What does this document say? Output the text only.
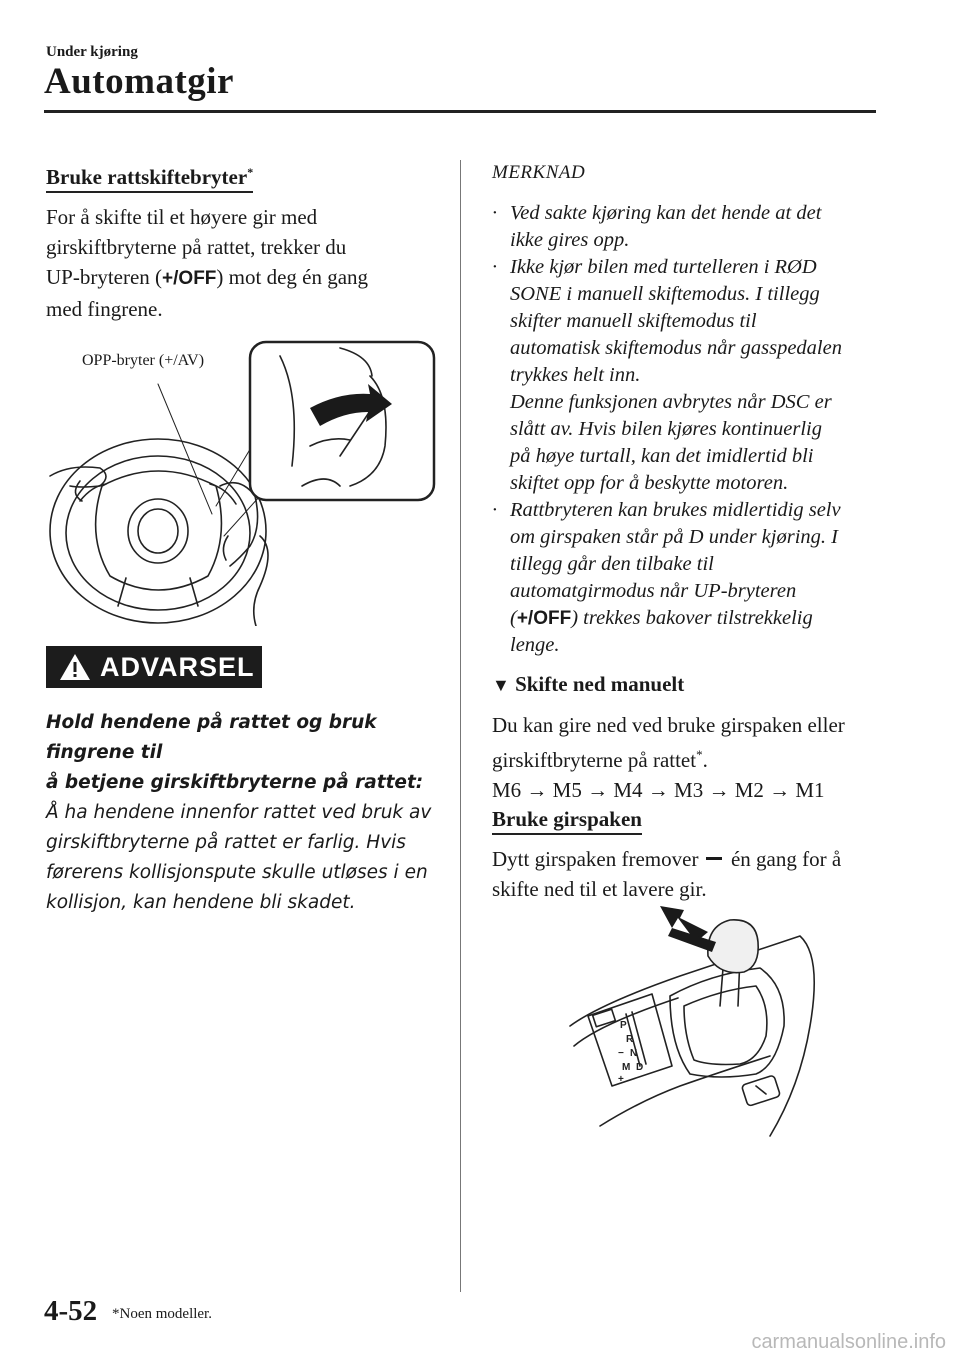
Under kjøring
Automatgir
Bruke rattskiftebryter*
For å skifte til et høyere gir med
girskiftbryterne på rattet, trekker du
UP-bryteren (+/OFF) mot deg én gang
med fingrene.
OPP-bryter (+/AV)
ADVARSEL
Hold hendene på rattet og bruk fingrene til
å betjene girskiftbryterne på rattet:
Å ha hendene innenfor rattet ved bruk av
girskiftbryterne på rattet er farlig. Hvis
førerens kollisjonspute skulle utløses i en
kollisjon, kan hendene bli skadet.
MERKNAD
· Ved sakte kjøring kan det hende at det
ikke gires opp.
· Ikke kjør bilen med turtelleren i RØD
SONE i manuell skiftemodus. I tillegg
skifter manuell skiftemodus til
automatisk skiftemodus når gasspedalen
trykkes helt inn.
Denne funksjonen avbrytes når DSC er
slått av. Hvis bilen kjøres kontinuerlig
på høye turtall, kan det imidlertid bli
skiftet opp for å beskytte motoren.
· Rattbryteren kan brukes midlertidig selv
om girspaken står på D under kjøring. I
tillegg går den tilbake til
automatgirmodus når UP-bryteren
(+/OFF) trekkes bakover tilstrekkelig
lenge.
▼ Skifte ned manuelt
Du kan gire ned ved bruke girspaken eller
girskiftbryterne på rattet*.
M6 → M5 → M4 → M3 → M2 → M1
Bruke girspaken
Dytt girspaken fremover én gang for å
skifte ned til et lavere gir.
P
R
N
D
M
+
−
4-52 *Noen modeller.
carmanualsonline.info
